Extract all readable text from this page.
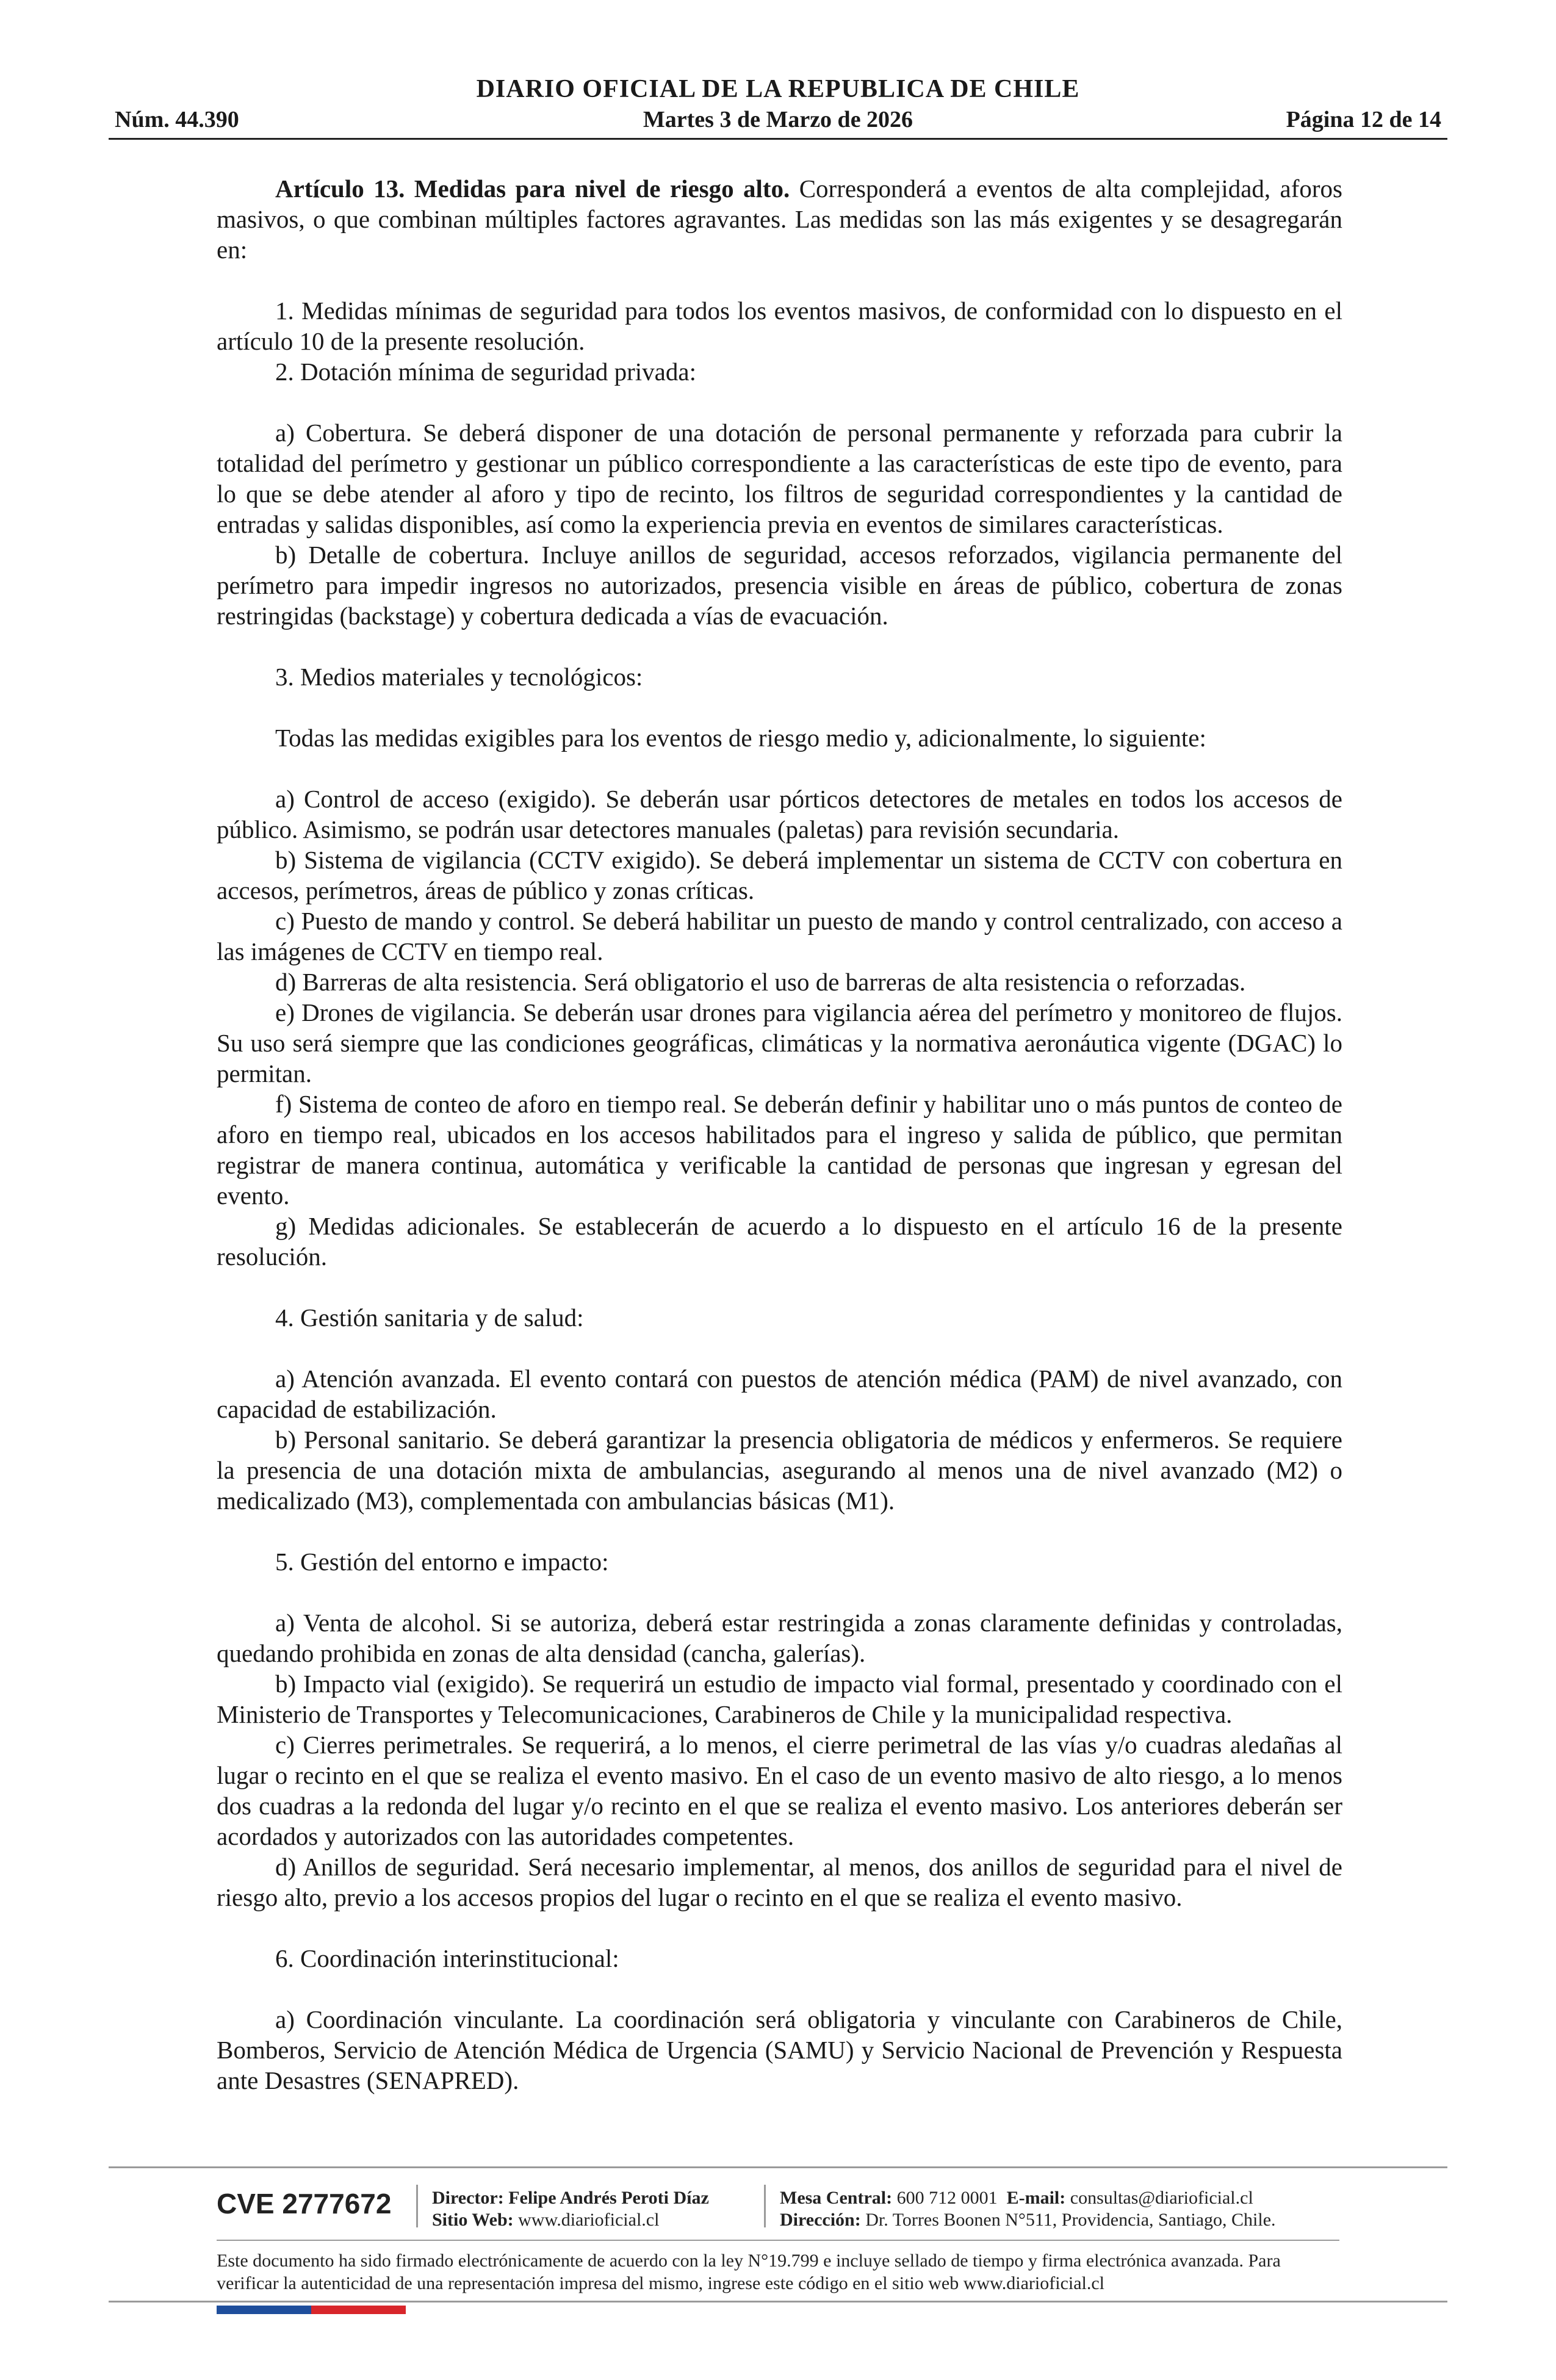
DIARIO OFICIAL DE LA REPUBLICA DE CHILE
Núm. 44.390	Martes 3 de Marzo de 2026	Página 12 de 14

Artículo 13. Medidas para nivel de riesgo alto. Corresponderá a eventos de alta complejidad, aforos masivos, o que combinan múltiples factores agravantes. Las medidas son las más exigentes y se desagregarán en:

1. Medidas mínimas de seguridad para todos los eventos masivos, de conformidad con lo dispuesto en el artículo 10 de la presente resolución.

2. Dotación mínima de seguridad privada:

a) Cobertura. Se deberá disponer de una dotación de personal permanente y reforzada para cubrir la totalidad del perímetro y gestionar un público correspondiente a las características de este tipo de evento, para lo que se debe atender al aforo y tipo de recinto, los filtros de seguridad correspondientes y la cantidad de entradas y salidas disponibles, así como la experiencia previa en eventos de similares características.

b) Detalle de cobertura. Incluye anillos de seguridad, accesos reforzados, vigilancia permanente del perímetro para impedir ingresos no autorizados, presencia visible en áreas de público, cobertura de zonas restringidas (backstage) y cobertura dedicada a vías de evacuación.

3. Medios materiales y tecnológicos:

Todas las medidas exigibles para los eventos de riesgo medio y, adicionalmente, lo siguiente:

a) Control de acceso (exigido). Se deberán usar pórticos detectores de metales en todos los accesos de público. Asimismo, se podrán usar detectores manuales (paletas) para revisión secundaria.

b) Sistema de vigilancia (CCTV exigido). Se deberá implementar un sistema de CCTV con cobertura en accesos, perímetros, áreas de público y zonas críticas.

c) Puesto de mando y control. Se deberá habilitar un puesto de mando y control centralizado, con acceso a las imágenes de CCTV en tiempo real.

d) Barreras de alta resistencia. Será obligatorio el uso de barreras de alta resistencia o reforzadas.

e) Drones de vigilancia. Se deberán usar drones para vigilancia aérea del perímetro y monitoreo de flujos. Su uso será siempre que las condiciones geográficas, climáticas y la normativa aeronáutica vigente (DGAC) lo permitan.

f) Sistema de conteo de aforo en tiempo real. Se deberán definir y habilitar uno o más puntos de conteo de aforo en tiempo real, ubicados en los accesos habilitados para el ingreso y salida de público, que permitan registrar de manera continua, automática y verificable la cantidad de personas que ingresan y egresan del evento.

g) Medidas adicionales. Se establecerán de acuerdo a lo dispuesto en el artículo 16 de la presente resolución.

4. Gestión sanitaria y de salud:

a) Atención avanzada. El evento contará con puestos de atención médica (PAM) de nivel avanzado, con capacidad de estabilización.

b) Personal sanitario. Se deberá garantizar la presencia obligatoria de médicos y enfermeros. Se requiere la presencia de una dotación mixta de ambulancias, asegurando al menos una de nivel avanzado (M2) o medicalizado (M3), complementada con ambulancias básicas (M1).

5. Gestión del entorno e impacto:

a) Venta de alcohol. Si se autoriza, deberá estar restringida a zonas claramente definidas y controladas, quedando prohibida en zonas de alta densidad (cancha, galerías).

b) Impacto vial (exigido). Se requerirá un estudio de impacto vial formal, presentado y coordinado con el Ministerio de Transportes y Telecomunicaciones, Carabineros de Chile y la municipalidad respectiva.

c) Cierres perimetrales. Se requerirá, a lo menos, el cierre perimetral de las vías y/o cuadras aledañas al lugar o recinto en el que se realiza el evento masivo. En el caso de un evento masivo de alto riesgo, a lo menos dos cuadras a la redonda del lugar y/o recinto en el que se realiza el evento masivo. Los anteriores deberán ser acordados y autorizados con las autoridades competentes.

d) Anillos de seguridad. Será necesario implementar, al menos, dos anillos de seguridad para el nivel de riesgo alto, previo a los accesos propios del lugar o recinto en el que se realiza el evento masivo.

6. Coordinación interinstitucional:

a) Coordinación vinculante. La coordinación será obligatoria y vinculante con Carabineros de Chile, Bomberos, Servicio de Atención Médica de Urgencia (SAMU) y Servicio Nacional de Prevención y Respuesta ante Desastres (SENAPRED).

CVE 2777672 Director: Felipe Andrés Peroti Díaz
Sitio Web: www.diarioficial.cl
Mesa Central: 600 712 0001 E-mail: consultas@diarioficial.cl
Dirección: Dr. Torres Boonen N°511, Providencia, Santiago, Chile.
Este documento ha sido firmado electrónicamente de acuerdo con la ley N°19.799 e incluye sellado de tiempo y firma electrónica avanzada. Para verificar la autenticidad de una representación impresa del mismo, ingrese este código en el sitio web www.diarioficial.cl
